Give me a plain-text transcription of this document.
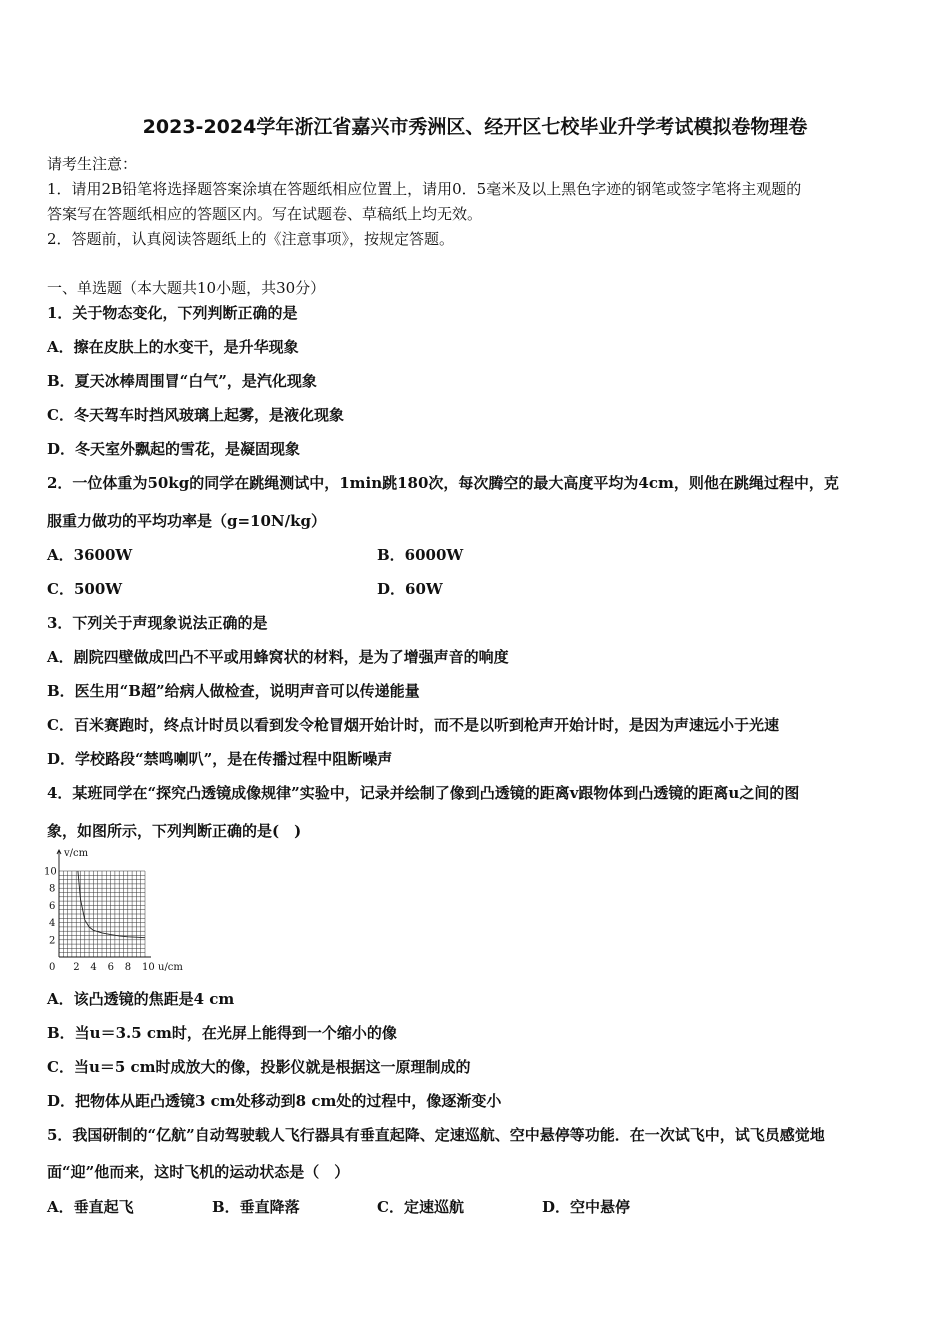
2023-2024学年浙江省嘉兴市秀洲区、经开区七校毕业升学考试模拟卷物理卷
请考生注意：
1．请用2B铅笔将选择题答案涂填在答题纸相应位置上，请用0．5毫米及以上黑色字迹的钢笔或签字笔将主观题的
答案写在答题纸相应的答题区内。写在试题卷、草稿纸上均无效。
2．答题前，认真阅读答题纸上的《注意事项》，按规定答题。
一、单选题（本大题共10小题，共30分）
1．关于物态变化，下列判断正确的是
A．擦在皮肤上的水变干，是升华现象
B．夏天冰棒周围冒“白气”，是汽化现象
C．冬天驾车时挡风玻璃上起雾，是液化现象
D．冬天室外飘起的雪花，是凝固现象
2．一位体重为50kg的同学在跳绳测试中，1min跳180次，每次腾空的最大高度平均为4cm，则他在跳绳过程中，克
服重力做功的平均功率是（g=10N/kg）
A．3600W	B．6000W
C．500W	D．60W
3．下列关于声现象说法正确的是
A．剧院四壁做成凹凸不平或用蜂窝状的材料，是为了增强声音的响度
B．医生用“B超”给病人做检查，说明声音可以传递能量
C．百米赛跑时，终点计时员以看到发令枪冒烟开始计时，而不是以听到枪声开始计时，是因为声速远小于光速
D．学校路段“禁鸣喇叭”，是在传播过程中阻断噪声
4．某班同学在“探究凸透镜成像规律”实验中，记录并绘制了像到凸透镜的距离v跟物体到凸透镜的距离u之间的图
象，如图所示，下列判断正确的是(　)
v/cm
u/cm
0 2 4 6 8 10
2
4
6
8
10
A．该凸透镜的焦距是4 cm
B．当u＝3.5 cm时，在光屏上能得到一个缩小的像
C．当u＝5 cm时成放大的像，投影仪就是根据这一原理制成的
D．把物体从距凸透镜3 cm处移动到8 cm处的过程中，像逐渐变小
5．我国研制的“亿航”自动驾驶载人飞行器具有垂直起降、定速巡航、空中悬停等功能．在一次试飞中，试飞员感觉地
面“迎”他而来，这时飞机的运动状态是（　）
A．垂直起飞	B．垂直降落	C．定速巡航	D．空中悬停
